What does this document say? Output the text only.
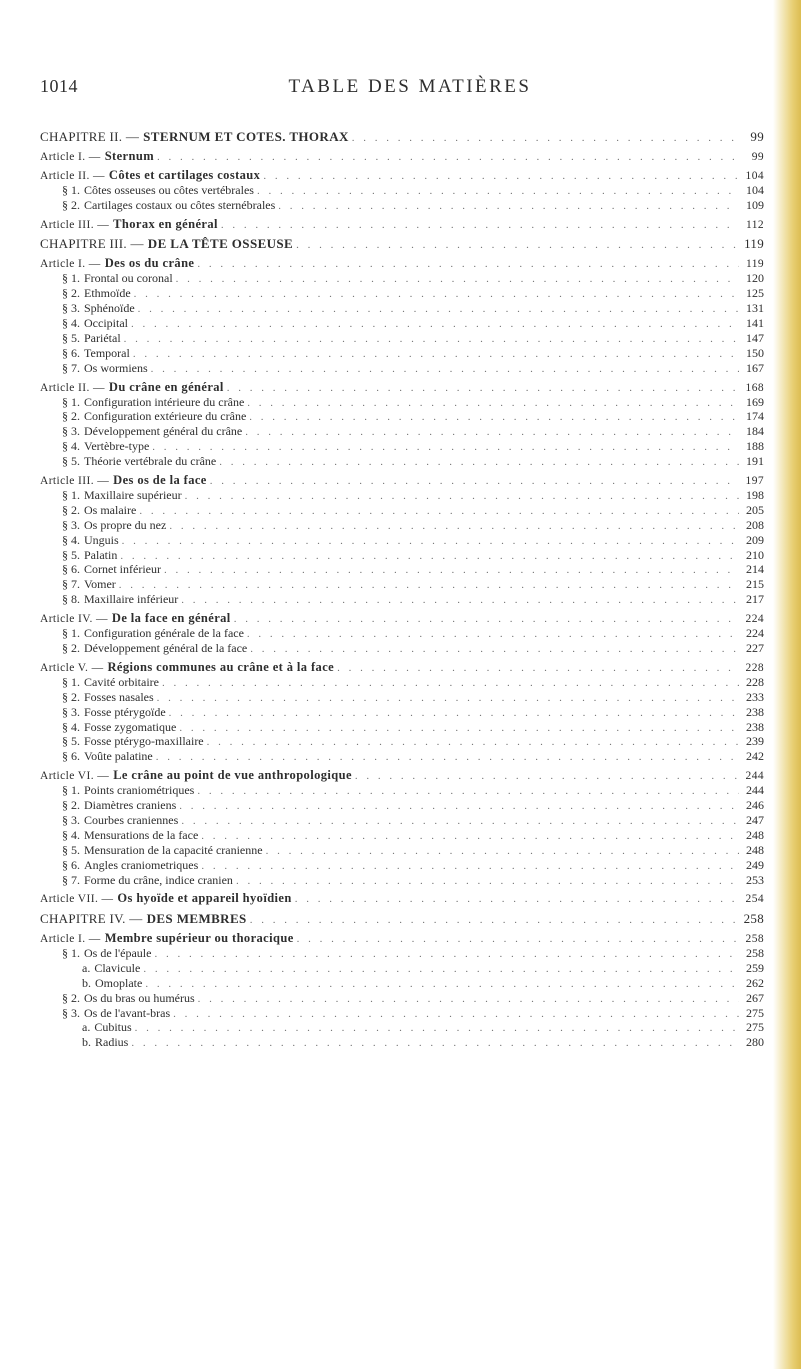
1014	TABLE DES MATIÈRES
CHAPITRE II. — STERNUM ET COTES. THORAX . . .	99
Article I. — Sternum . . .	99
Article II. — Côtes et cartilages costaux . . .	104
§ 1. Côtes osseuses ou côtes vertébrales . . .	104
§ 2. Cartilages costaux ou côtes sternébrales . . .	109
Article III. — Thorax en général . . .	112
CHAPITRE III. — DE LA TÊTE OSSEUSE . . .	119
Article I. — Des os du crâne . . .	119
§ 1. Frontal ou coronal . . .	120
§ 2. Ethmoïde . . .	125
§ 3. Sphénoïde . . .	131
§ 4. Occipital . . .	141
§ 5. Pariétal . . .	147
§ 6. Temporal . . .	150
§ 7. Os wormiens . . .	167
Article II. — Du crâne en général . . .	168
§ 1. Configuration intérieure du crâne . . .	169
§ 2. Configuration extérieure du crâne . . .	174
§ 3. Développement général du crâne . . .	184
§ 4. Vertèbre-type . . .	188
§ 5. Théorie vertébrale du crâne . . .	191
Article III. — Des os de la face . . .	197
§ 1. Maxillaire supérieur . . .	198
§ 2. Os malaire . . .	205
§ 3. Os propre du nez . . .	208
§ 4. Unguis . . .	209
§ 5. Palatin . . .	210
§ 6. Cornet inférieur . . .	214
§ 7. Vomer . . .	215
§ 8. Maxillaire inférieur . . .	217
Article IV. — De la face en général . . .	224
§ 1. Configuration générale de la face . . .	224
§ 2. Développement général de la face . . .	227
Article V. — Régions communes au crâne et à la face . . .	228
§ 1. Cavité orbitaire . . .	228
§ 2. Fosses nasales . . .	233
§ 3. Fosse ptérygoïde . . .	238
§ 4. Fosse zygomatique . . .	238
§ 5. Fosse ptérygo-maxillaire . . .	239
§ 6. Voûte palatine . . .	242
Article VI. — Le crâne au point de vue anthropologique . . .	244
§ 1. Points craniométriques . . .	244
§ 2. Diamètres craniens . . .	246
§ 3. Courbes craniennes . . .	247
§ 4. Mensurations de la face . . .	248
§ 5. Mensuration de la capacité cranienne . . .	248
§ 6. Angles craniometriques . . .	249
§ 7. Forme du crâne, indice cranien . . .	253
Article VII. — Os hyoïde et appareil hyoïdien . . .	254
CHAPITRE IV. — DES MEMBRES . . .	258
Article I. — Membre supérieur ou thoracique . . .	258
§ 1. Os de l'épaule . . .	258
a. Clavicule . . .	259
b. Omoplate . . .	262
§ 2. Os du bras ou humérus . . .	267
§ 3. Os de l'avant-bras . . .	275
a. Cubitus . . .	275
b. Radius . . .	280
